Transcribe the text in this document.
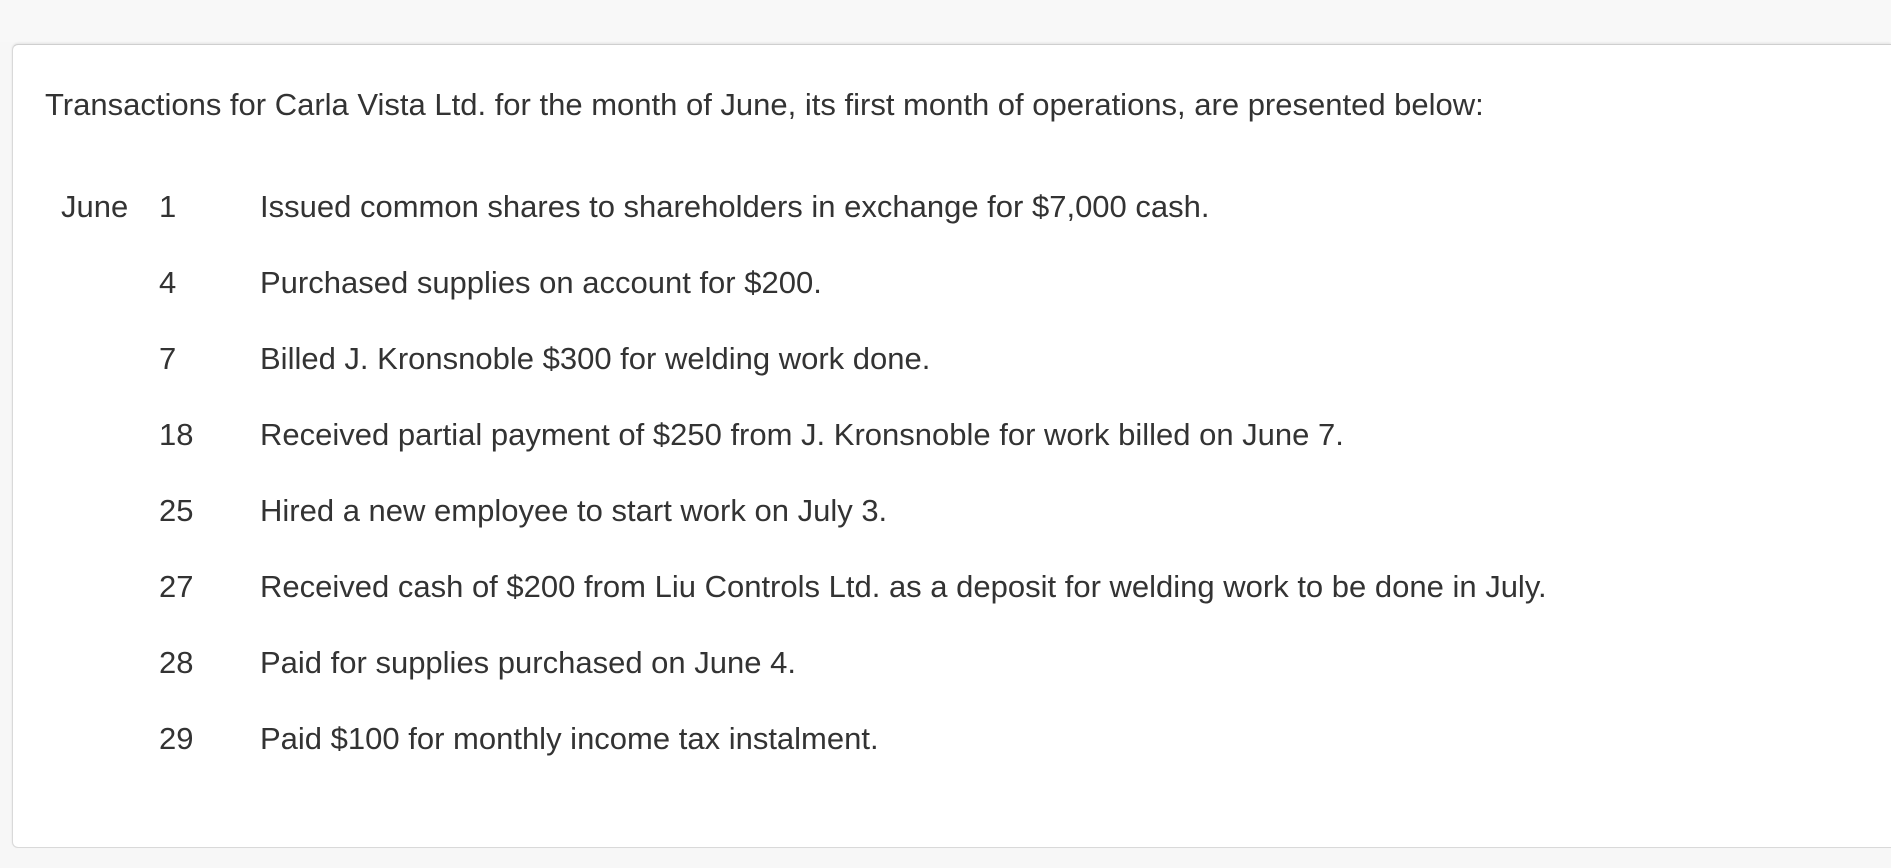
Transactions for Carla Vista Ltd. for the month of June, its first month of operations, are presented below:
June 1	Issued common shares to shareholders in exchange for $7,000 cash.
4	Purchased supplies on account for $200.
7	Billed J. Kronsnoble $300 for welding work done.
18 Received partial payment of $250 from J. Kronsnoble for work billed on June 7.
25 Hired a new employee to start work on July 3.
27 Received cash of $200 from Liu Controls Ltd. as a deposit for welding work to be done in July.
28 Paid for supplies purchased on June 4.
29 Paid $100 for monthly income tax instalment.
